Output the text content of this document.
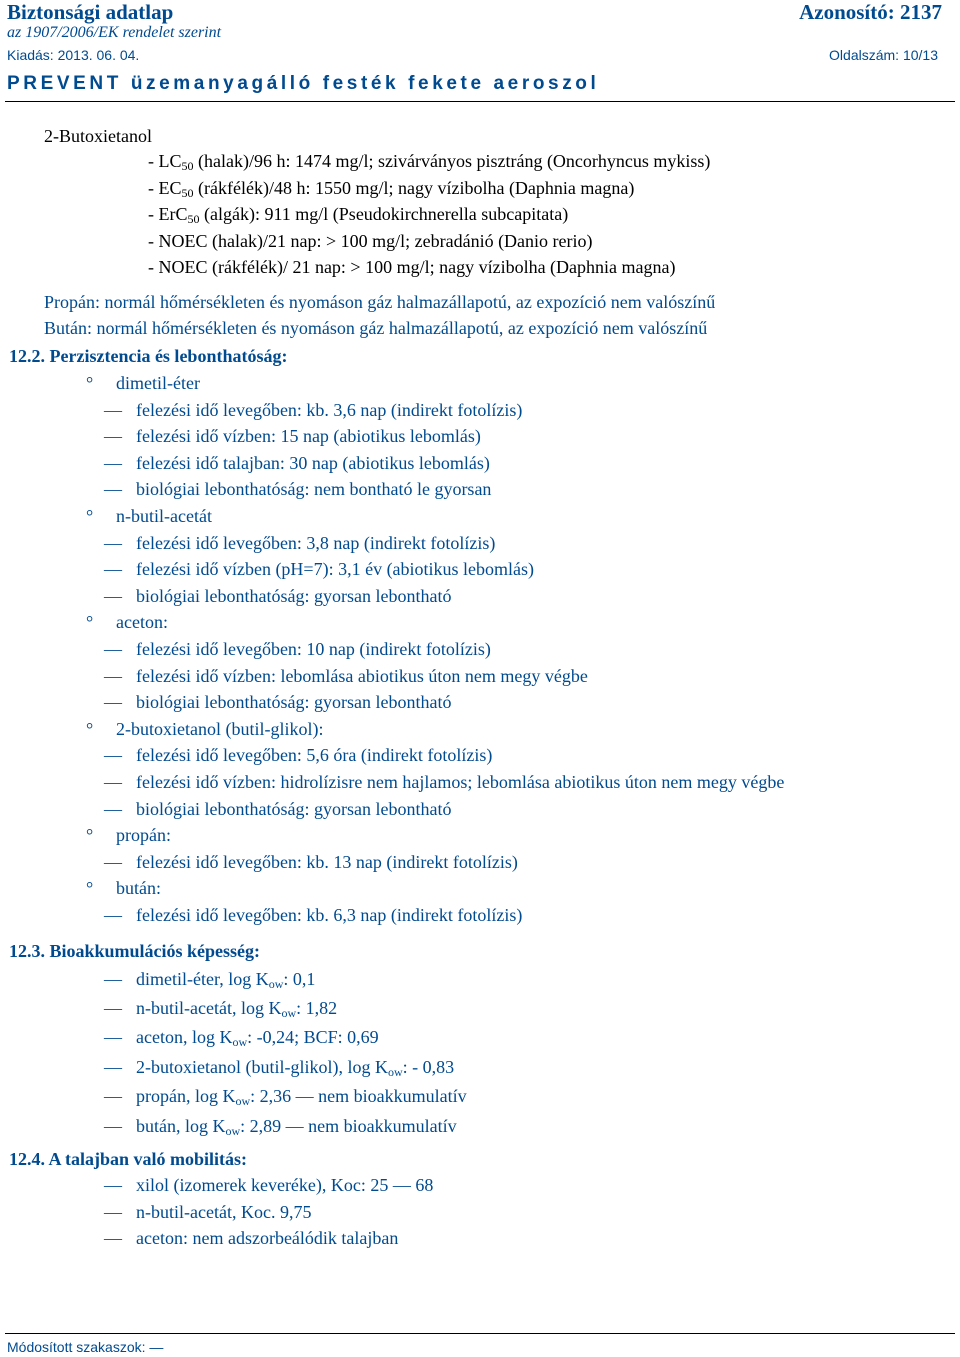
Biztonsági adatlap	Azonosító: 2137
az 1907/2006/EK rendelet szerint
Kiadás: 2013. 06. 04.	Oldalszám: 10/13
PREVENT üzemanyagálló festék fekete aeroszol
2-Butoxietanol
- $LC_{50}$ (halak)/96 h: 1474 mg/l; szivárványos pisztráng (Oncorhyncus mykiss)
- $EC_{50}$ (rákfélék)/48 h: 1550 mg/l; nagy vízibolha (Daphnia magna)
- ErC$_{50}$ (algák): 911 mg/l (Pseudokirchnerella subcapitata)
- NOEC (halak)/21 nap: > 100 mg/l; zebradánió (Danio rerio)
- NOEC (rákfélék)/ 21 nap: > 100 mg/l; nagy vízibolha (Daphnia magna)
Propán: normál hőmérsékleten és nyomáson gáz halmazállapotú, az expozíció nem valószínű
Bután: normál hőmérsékleten és nyomáson gáz halmazállapotú, az expozíció nem valószínű
12.2. Perzisztencia és lebonthatóság:
° dimetil-éter
— felezési idő levegőben: kb. 3,6 nap (indirekt fotolízis)
— felezési idő vízben: 15 nap (abiotikus lebomlás)
— felezési idő talajban: 30 nap (abiotikus lebomlás)
— biológiai lebonthatóság: nem bontható le gyorsan
° n-butil-acetát
— felezési idő levegőben: 3,8 nap (indirekt fotolízis)
— felezési idő vízben (pH=7): 3,1 év (abiotikus lebomlás)
— biológiai lebonthatóság: gyorsan lebontható
° aceton:
— felezési idő levegőben: 10 nap (indirekt fotolízis)
— felezési idő vízben: lebomlása abiotikus úton nem megy végbe
— biológiai lebonthatóság: gyorsan lebontható
° 2-butoxietanol (butil-glikol):
— felezési idő levegőben: 5,6 óra (indirekt fotolízis)
— felezési idő vízben: hidrolízisre nem hajlamos; lebomlása abiotikus úton nem megy végbe
— biológiai lebonthatóság: gyorsan lebontható
° propán:
— felezési idő levegőben: kb. 13 nap (indirekt fotolízis)
° bután:
— felezési idő levegőben: kb. 6,3 nap (indirekt fotolízis)
12.3. Bioakkumulációs képesség:
— dimetil-éter, $\log K_{ow}$: 0,1
— n-butil-acetát, $\log K_{ow}$: 1,82
— aceton, $\log K_{ow}$: -0,24; BCF: 0,69
— 2-butoxietanol (butil-glikol), $\log K_{ow}$: - 0,83
— propán, $\log K_{ow}$: 2,36 — nem bioakkumulatív
— bután, $\log K_{ow}$: 2,89 — nem bioakkumulatív
12.4. A talajban való mobilitás:
— xilol (izomerek keveréke), Koc: 25 — 68
— n-butil-acetát, Koc. 9,75
— aceton: nem adszorbeálódik talajban
Módosított szakaszok: —
